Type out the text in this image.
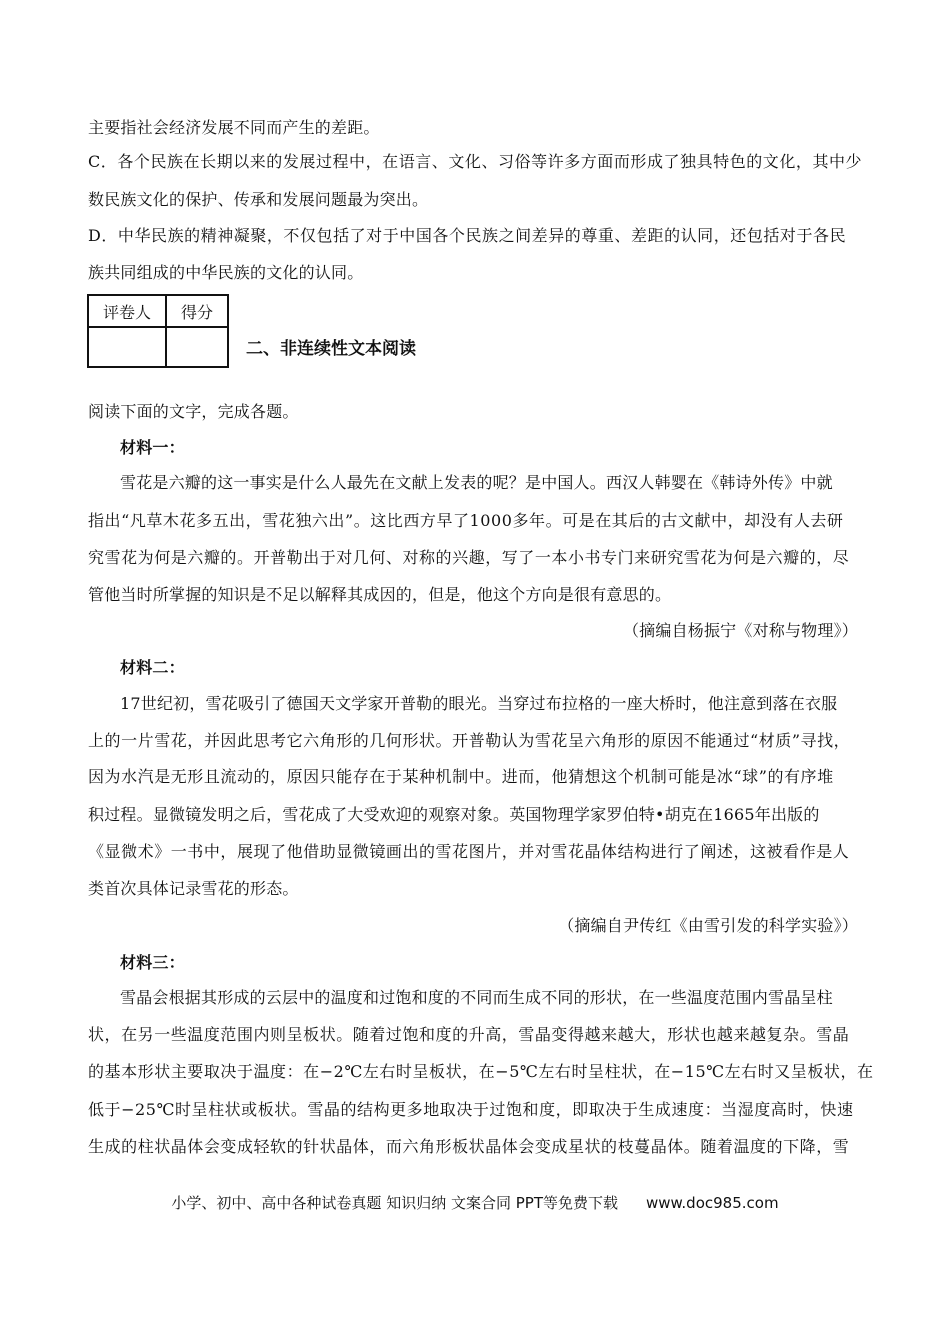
主要指社会经济发展不同而产生的差距。
C．各个民族在长期以来的发展过程中，在语言、文化、习俗等许多方面而形成了独具特色的文化，其中少
数民族文化的保护、传承和发展问题最为突出。
D．中华民族的精神凝聚，不仅包括了对于中国各个民族之间差异的尊重、差距的认同，还包括对于各民
族共同组成的中华民族的文化的认同。
评卷人	得分

二、非连续性文本阅读
阅读下面的文字，完成各题。
材料一：
雪花是六瓣的这一事实是什么人最先在文献上发表的呢？是中国人。西汉人韩婴在《韩诗外传》中就
指出“凡草木花多五出，雪花独六出”。这比西方早了1000多年。可是在其后的古文献中，却没有人去研
究雪花为何是六瓣的。开普勒出于对几何、对称的兴趣，写了一本小书专门来研究雪花为何是六瓣的，尽
管他当时所掌握的知识是不足以解释其成因的，但是，他这个方向是很有意思的。
（摘编自杨振宁《对称与物理》）
材料二：
17世纪初，雪花吸引了德国天文学家开普勒的眼光。当穿过布拉格的一座大桥时，他注意到落在衣服
上的一片雪花，并因此思考它六角形的几何形状。开普勒认为雪花呈六角形的原因不能通过“材质”寻找，
因为水汽是无形且流动的，原因只能存在于某种机制中。进而，他猜想这个机制可能是冰“球”的有序堆
积过程。显微镜发明之后，雪花成了大受欢迎的观察对象。英国物理学家罗伯特•胡克在1665年出版的
《显微术》一书中，展现了他借助显微镜画出的雪花图片，并对雪花晶体结构进行了阐述，这被看作是人
类首次具体记录雪花的形态。
（摘编自尹传红《由雪引发的科学实验》）
材料三：
雪晶会根据其形成的云层中的温度和过饱和度的不同而生成不同的形状，在一些温度范围内雪晶呈柱
状，在另一些温度范围内则呈板状。随着过饱和度的升高，雪晶变得越来越大，形状也越来越复杂。雪晶
的基本形状主要取决于温度：在−2℃左右时呈板状，在−5℃左右时呈柱状，在−15℃左右时又呈板状，在
低于−25℃时呈柱状或板状。雪晶的结构更多地取决于过饱和度，即取决于生成速度：当湿度高时，快速
生成的柱状晶体会变成轻软的针状晶体，而六角形板状晶体会变成星状的枝蔓晶体。随着温度的下降，雪
小学、初中、高中各种试卷真题 知识归纳 文案合同 PPT等免费下载 www.doc985.com
